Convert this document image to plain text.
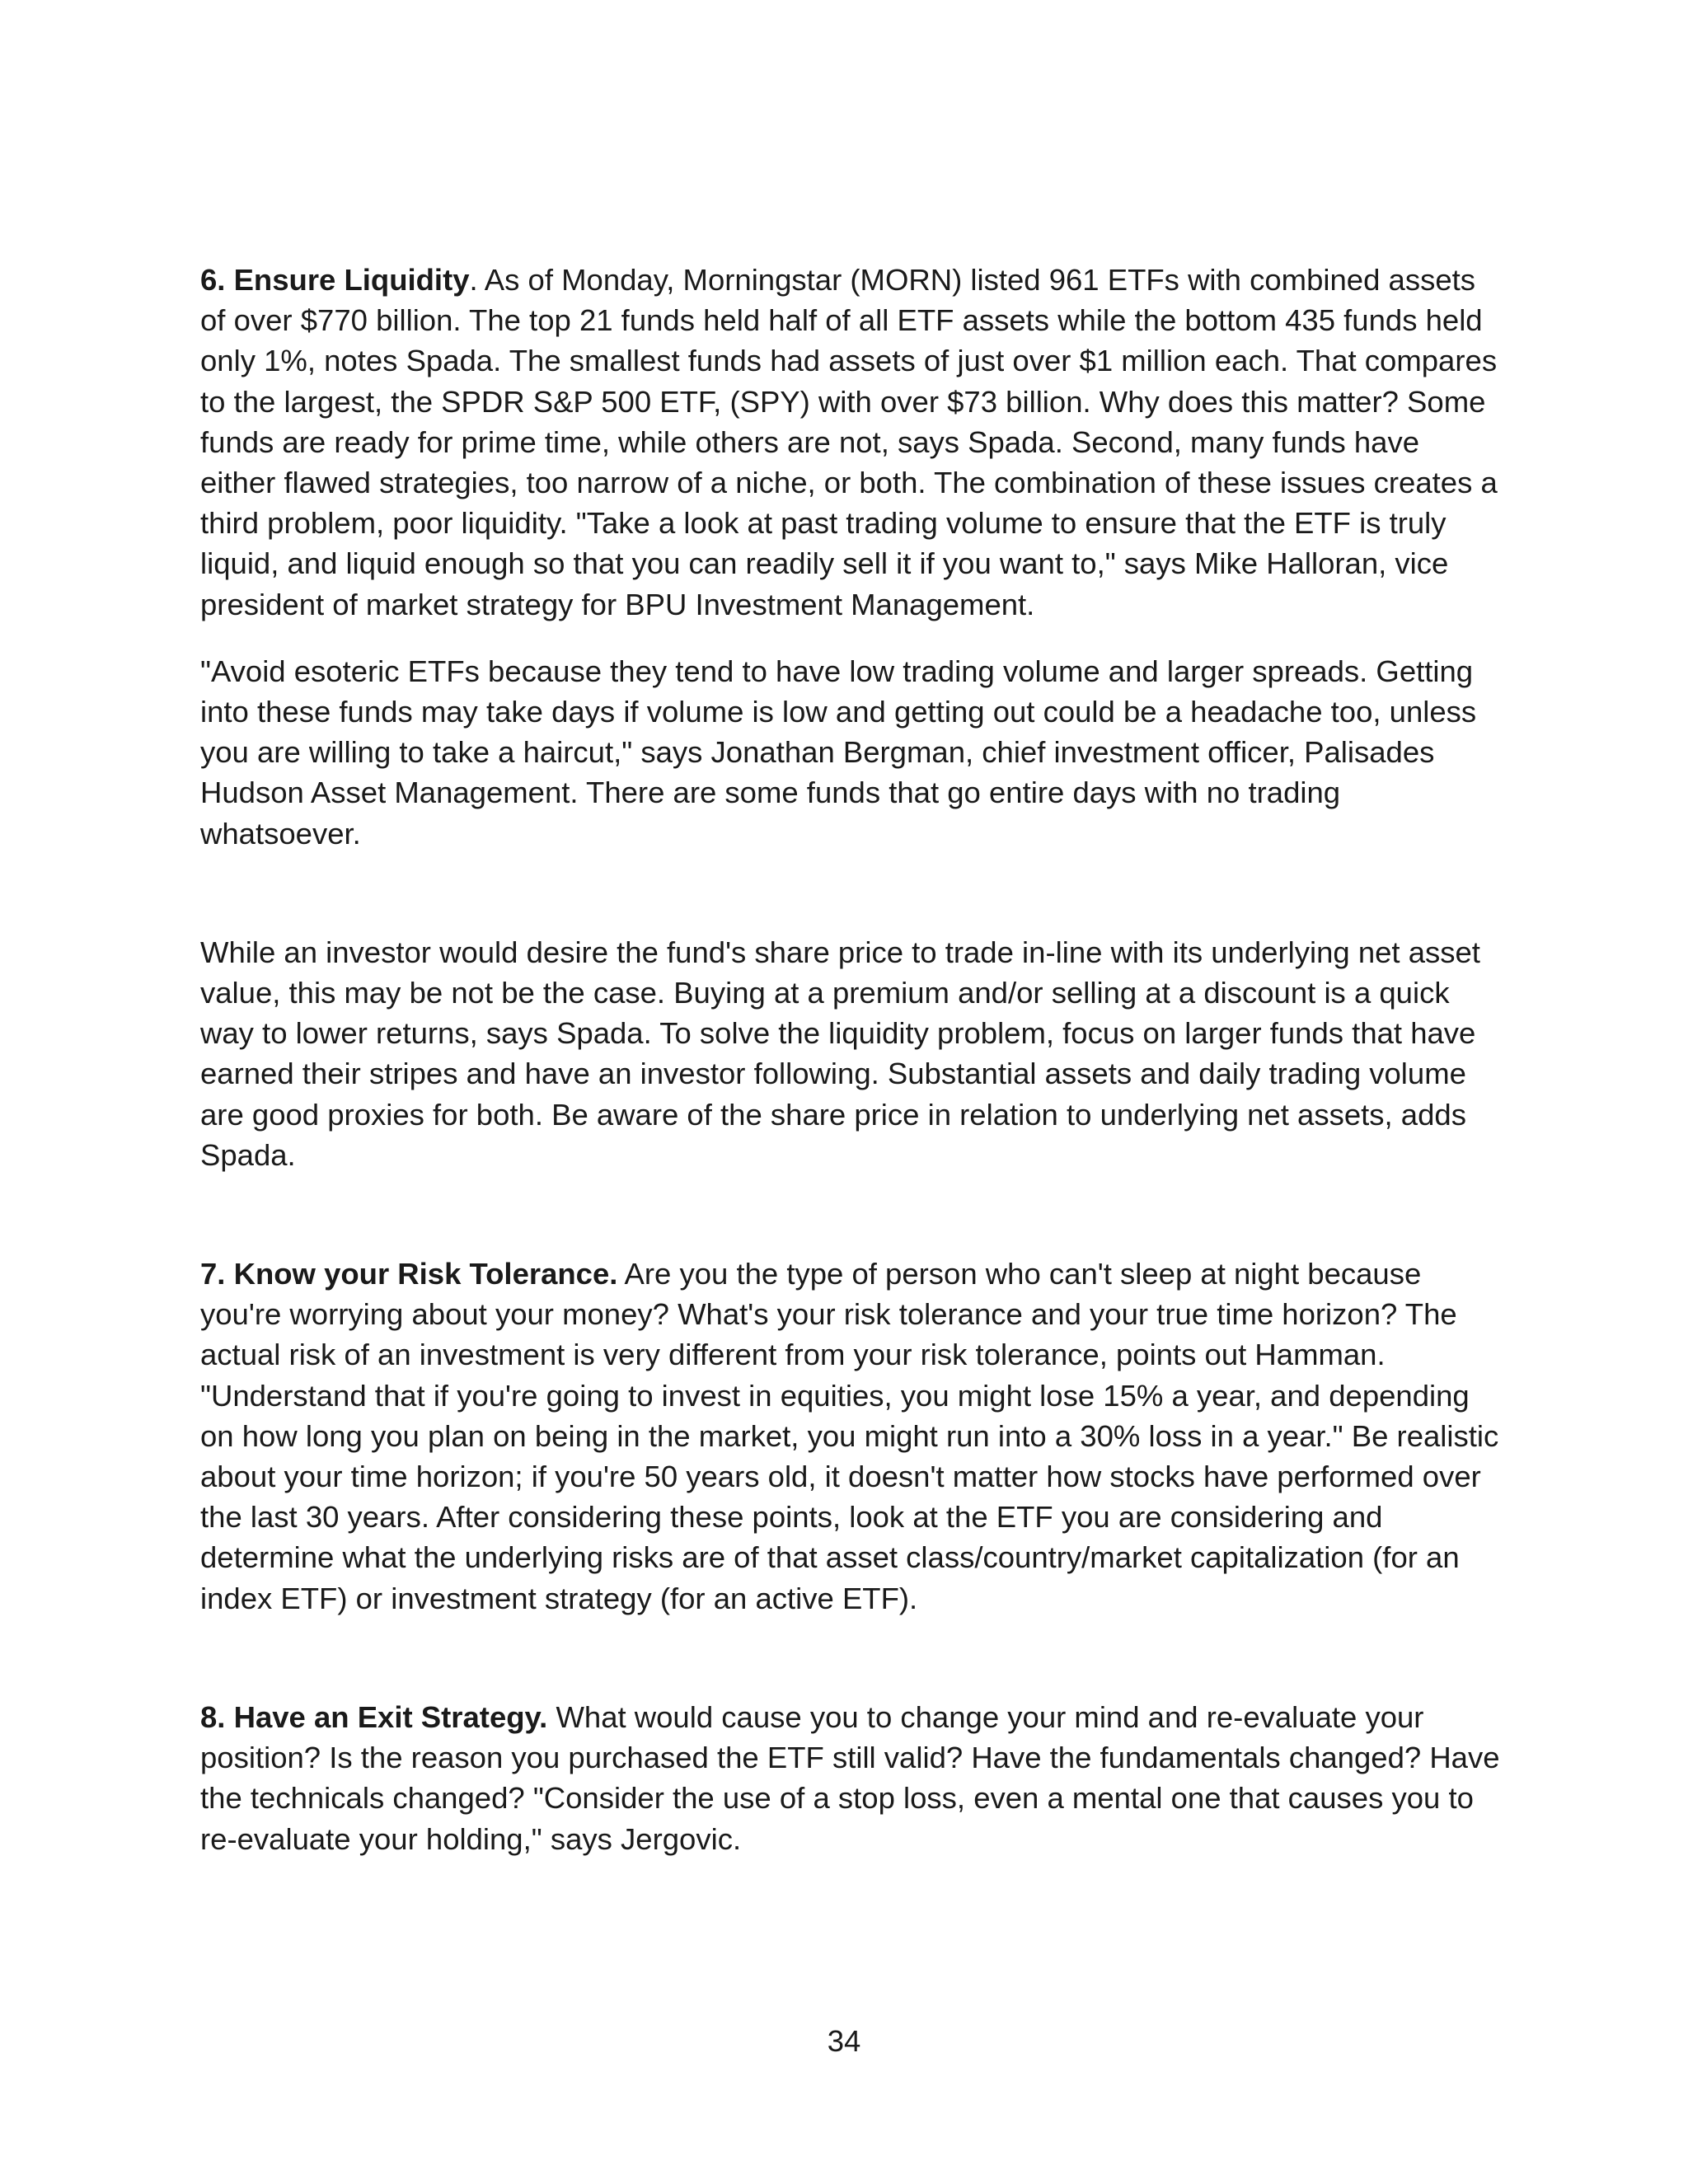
6. Ensure Liquidity. As of Monday, Morningstar (MORN) listed 961 ETFs with combined assets of over $770 billion. The top 21 funds held half of all ETF assets while the bottom 435 funds held only 1%, notes Spada. The smallest funds had assets of just over $1 million each. That compares to the largest, the SPDR S&P 500 ETF, (SPY) with over $73 billion. Why does this matter? Some funds are ready for prime time, while others are not, says Spada. Second, many funds have either flawed strategies, too narrow of a niche, or both. The combination of these issues creates a third problem, poor liquidity. "Take a look at past trading volume to ensure that the ETF is truly liquid, and liquid enough so that you can readily sell it if you want to," says Mike Halloran, vice president of market strategy for BPU Investment Management.

"Avoid esoteric ETFs because they tend to have low trading volume and larger spreads. Getting into these funds may take days if volume is low and getting out could be a headache too, unless you are willing to take a haircut," says Jonathan Bergman, chief investment officer, Palisades Hudson Asset Management. There are some funds that go entire days with no trading whatsoever.

While an investor would desire the fund's share price to trade in-line with its underlying net asset value, this may be not be the case. Buying at a premium and/or selling at a discount is a quick way to lower returns, says Spada. To solve the liquidity problem, focus on larger funds that have earned their stripes and have an investor following. Substantial assets and daily trading volume are good proxies for both. Be aware of the share price in relation to underlying net assets, adds Spada.

7. Know your Risk Tolerance. Are you the type of person who can't sleep at night because you're worrying about your money? What's your risk tolerance and your true time horizon? The actual risk of an investment is very different from your risk tolerance, points out Hamman. "Understand that if you're going to invest in equities, you might lose 15% a year, and depending on how long you plan on being in the market, you might run into a 30% loss in a year." Be realistic about your time horizon; if you're 50 years old, it doesn't matter how stocks have performed over the last 30 years. After considering these points, look at the ETF you are considering and determine what the underlying risks are of that asset class/country/market capitalization (for an index ETF) or investment strategy (for an active ETF).

8. Have an Exit Strategy. What would cause you to change your mind and re-evaluate your position? Is the reason you purchased the ETF still valid? Have the fundamentals changed? Have the technicals changed? "Consider the use of a stop loss, even a mental one that causes you to re-evaluate your holding," says Jergovic.

34
